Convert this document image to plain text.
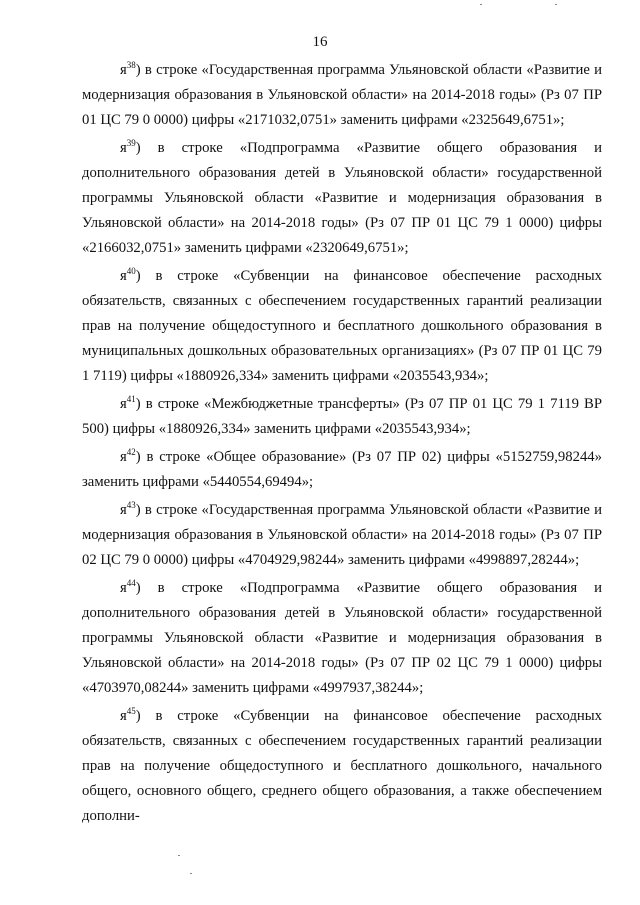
16

$я^{38}$) в строке «Государственная программа Ульяновской области «Развитие и модернизация образования в Ульяновской области» на 2014-2018 годы» (Рз 07 ПР 01 ЦС 79 0 0000) цифры «2171032,0751» заменить цифрами «2325649,6751»;

$я^{39}$) в строке «Подпрограмма «Развитие общего образования и дополнительного образования детей в Ульяновской области» государственной программы Ульяновской области «Развитие и модернизация образования в Ульяновской области» на 2014-2018 годы» (Рз 07 ПР 01 ЦС 79 1 0000) цифры «2166032,0751» заменить цифрами «2320649,6751»;

$я^{40}$) в строке «Субвенции на финансовое обеспечение расходных обязательств, связанных с обеспечением государственных гарантий реализации прав на получение общедоступного и бесплатного дошкольного образования в муниципальных дошкольных образовательных организациях» (Рз 07 ПР 01 ЦС 79 1 7119) цифры «1880926,334» заменить цифрами «2035543,934»;

$я^{41}$) в строке «Межбюджетные трансферты» (Рз 07 ПР 01 ЦС 79 1 7119 ВР 500) цифры «1880926,334» заменить цифрами «2035543,934»;

$я^{42}$) в строке «Общее образование» (Рз 07 ПР 02) цифры «5152759,98244» заменить цифрами «5440554,69494»;

$я^{43}$) в строке «Государственная программа Ульяновской области «Развитие и модернизация образования в Ульяновской области» на 2014-2018 годы» (Рз 07 ПР 02 ЦС 79 0 0000) цифры «4704929,98244» заменить цифрами «4998897,28244»;

$я^{44}$) в строке «Подпрограмма «Развитие общего образования и дополнительного образования детей в Ульяновской области» государственной программы Ульяновской области «Развитие и модернизация образования в Ульяновской области» на 2014-2018 годы» (Рз 07 ПР 02 ЦС 79 1 0000) цифры «4703970,08244» заменить цифрами «4997937,38244»;

$я^{45}$) в строке «Субвенции на финансовое обеспечение расходных обязательств, связанных с обеспечением государственных гарантий реализации прав на получение общедоступного и бесплатного дошкольного, начального общего, основного общего, среднего общего образования, а также обеспечением дополни-
